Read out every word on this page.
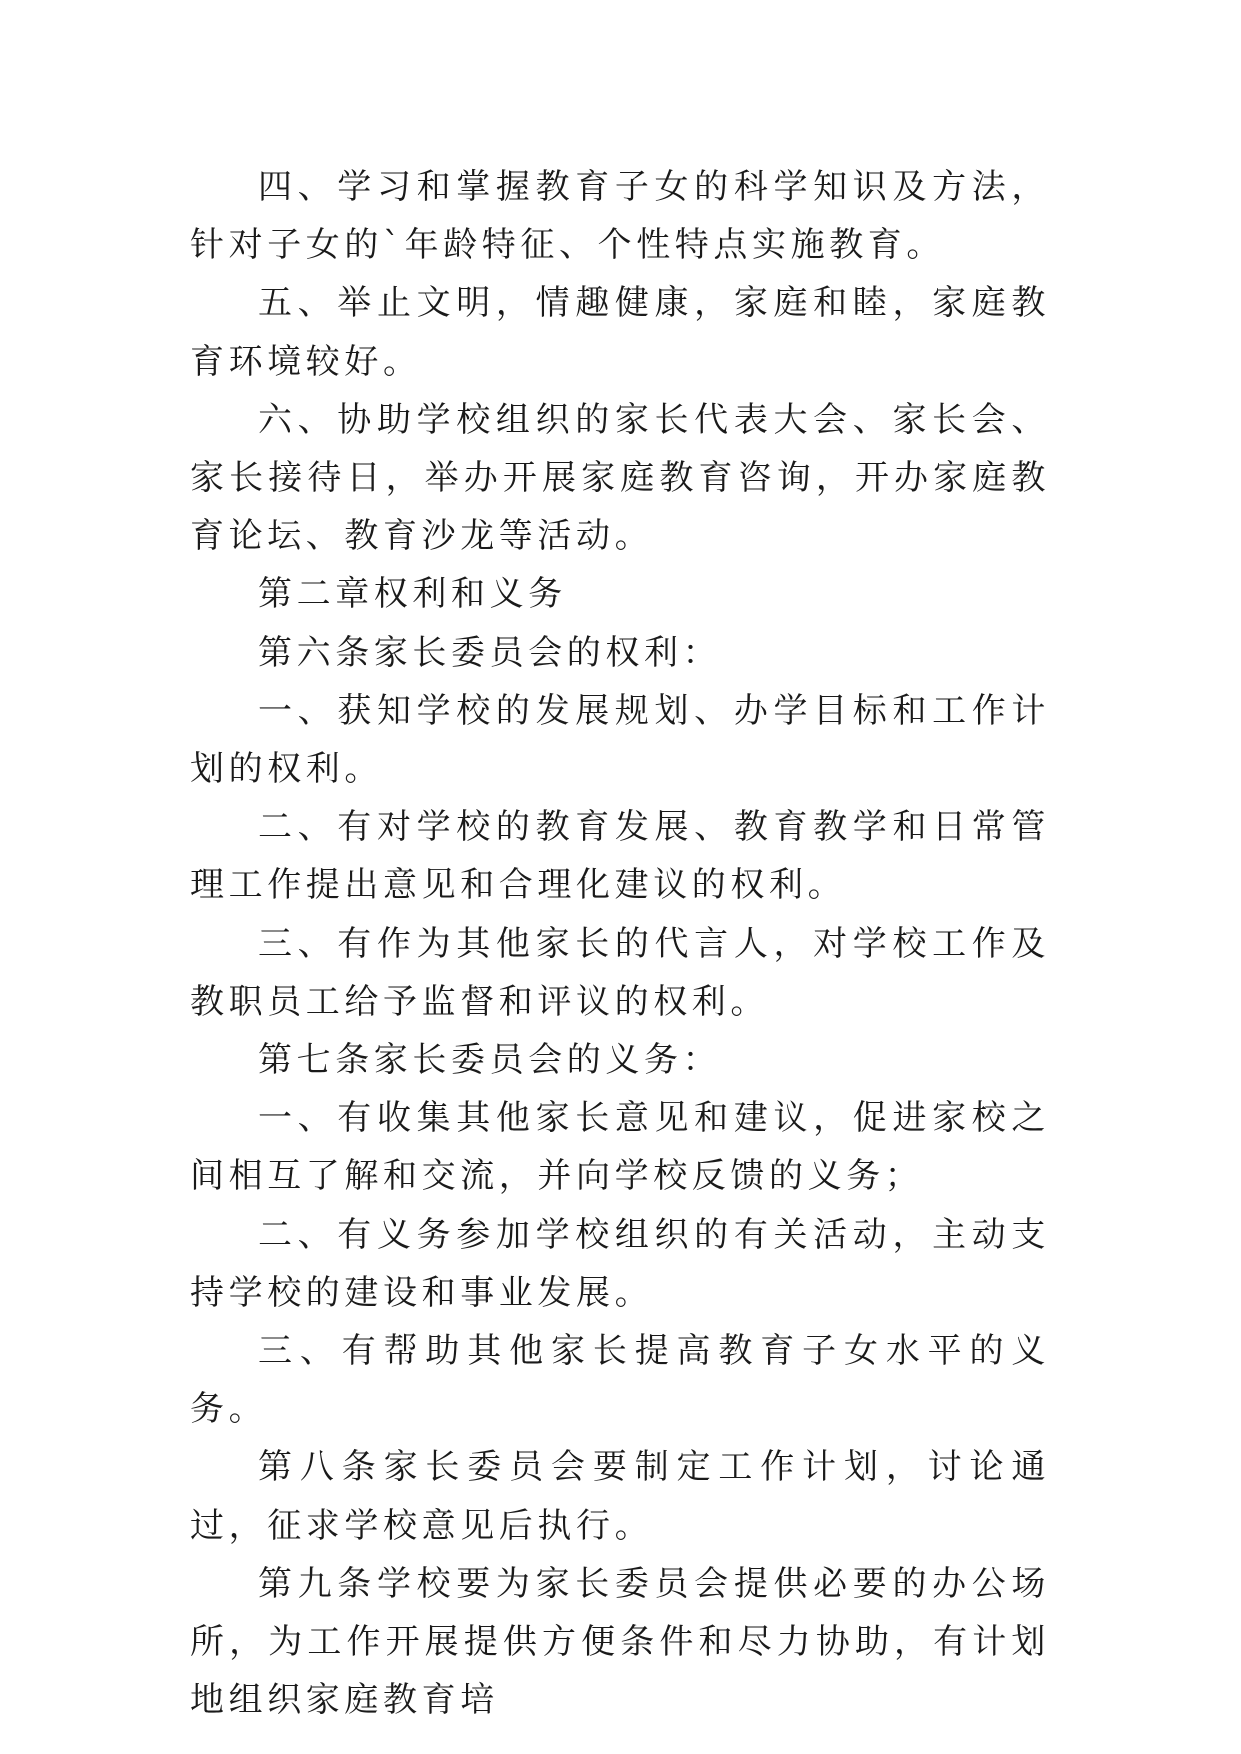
四、学习和掌握教育子女的科学知识及方法，针对子女的`年龄特征、个性特点实施教育。

五、举止文明，情趣健康，家庭和睦，家庭教育环境较好。

六、协助学校组织的家长代表大会、家长会、家长接待日，举办开展家庭教育咨询，开办家庭教育论坛、教育沙龙等活动。

第二章权利和义务

第六条家长委员会的权利：

一、获知学校的发展规划、办学目标和工作计划的权利。

二、有对学校的教育发展、教育教学和日常管理工作提出意见和合理化建议的权利。

三、有作为其他家长的代言人，对学校工作及教职员工给予监督和评议的权利。

第七条家长委员会的义务：

一、有收集其他家长意见和建议，促进家校之间相互了解和交流，并向学校反馈的义务；

二、有义务参加学校组织的有关活动，主动支持学校的建设和事业发展。

三、有帮助其他家长提高教育子女水平的义务。

第八条家长委员会要制定工作计划，讨论通过，征求学校意见后执行。

第九条学校要为家长委员会提供必要的办公场所，为工作开展提供方便条件和尽力协助，有计划地组织家庭教育培
